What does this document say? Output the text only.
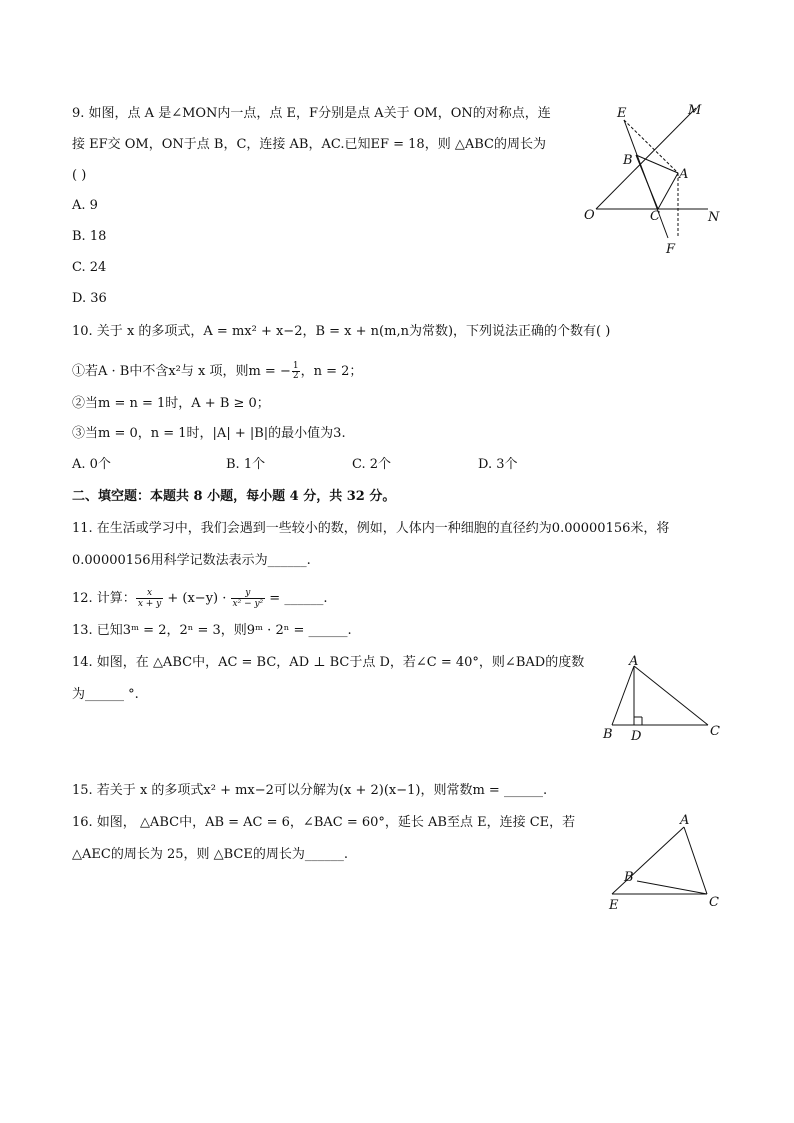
9. 如图，点 A 是∠MON内一点，点 E，F分别是点 A关于 OM，ON的对称点，连
接 EF交 OM，ON于点 B，C，连接 AB，AC.已知EF = 18，则 △ABC的周长为
( )
A. 9
B. 18
C. 24
D. 36
E	M
B
A
O	C	N
F
10. 关于 x 的多项式，A = mx² + x−2，B = x + n(m,n为常数)，下列说法正确的个数有( )
①若A · B中不含x²与 x 项，则m = − $\frac{1}{2}$ ，n = 2；
②当m = n = 1时，A + B ≥ 0；
③当m = 0，n = 1时，|A| + |B|的最小值为3.
A. 0个	B. 1个	C. 2个	D. 3个
二、填空题：本题共 8 小题，每小题 4 分，共 32 分。
11. 在生活或学习中，我们会遇到一些较小的数，例如，人体内一种细胞的直径约为0.00000156米，将
0.00000156用科学记数法表示为______.
12. 计算： $\frac{x}{x + y} + (x-y) \cdot \frac{y}{\text{x² − y²}}$ = ______.
13. 已知3ᵐ = 2，2ⁿ = 3，则9ᵐ · 2ⁿ = ______.
14. 如图，在 △ABC中，AC = BC，AD ⊥ BC于点 D，若∠C = 40°，则∠BAD的度数
为______ °.
A
B D	C
15. 若关于 x 的多项式x² + mx−2可以分解为(x + 2)(x−1)，则常数m = ______.
16. 如图， △ABC中，AB = AC = 6，∠BAC = 60°，延长 AB至点 E，连接 CE，若
△AEC的周长为 25，则 △BCE的周长为______.
A
B
E	C
